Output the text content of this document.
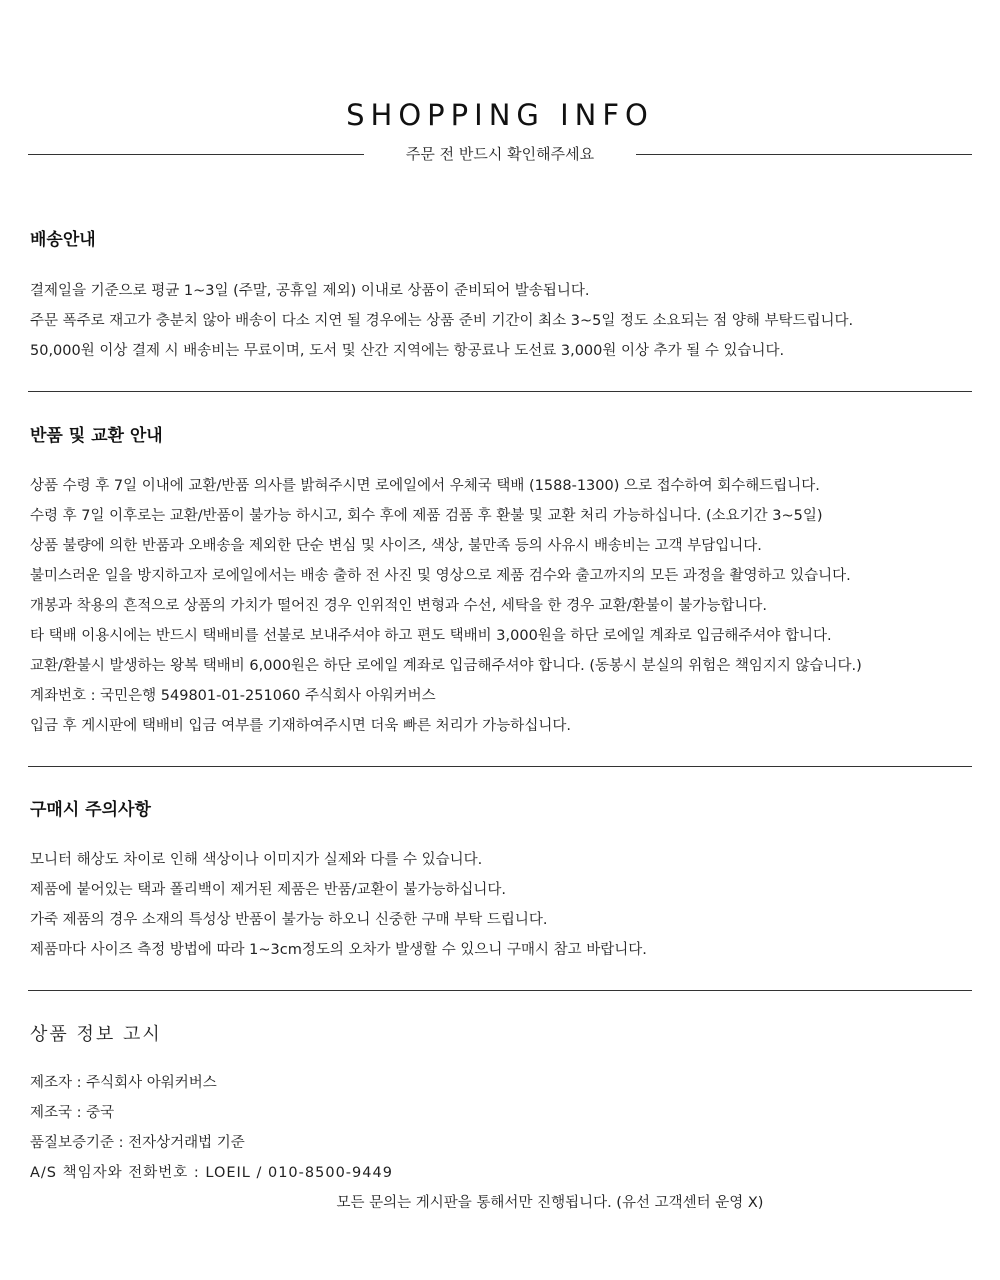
SHOPPING INFO
주문 전 반드시 확인해주세요
배송안내

결제일을 기준으로 평균 1~3일 (주말, 공휴일 제외) 이내로 상품이 준비되어 발송됩니다.

주문 폭주로 재고가 충분치 않아 배송이 다소 지연 될 경우에는 상품 준비 기간이 최소 3~5일 정도 소요되는 점 양해 부탁드립니다.

50,000원 이상 결제 시 배송비는 무료이며, 도서 및 산간 지역에는 항공료나 도선료 3,000원 이상 추가 될 수 있습니다.

반품 및 교환 안내

상품 수령 후 7일 이내에 교환/반품 의사를 밝혀주시면 로에일에서 우체국 택배 (1588-1300) 으로 접수하여 회수해드립니다.

수령 후 7일 이후로는 교환/반품이 불가능 하시고, 회수 후에 제품 검품 후 환불 및 교환 처리 가능하십니다. (소요기간 3~5일)

상품 불량에 의한 반품과 오배송을 제외한 단순 변심 및 사이즈, 색상, 불만족 등의 사유시 배송비는 고객 부담입니다.

불미스러운 일을 방지하고자 로에일에서는 배송 출하 전 사진 및 영상으로 제품 검수와 출고까지의 모든 과정을 촬영하고 있습니다.

개봉과 착용의 흔적으로 상품의 가치가 떨어진 경우 인위적인 변형과 수선, 세탁을 한 경우 교환/환불이 불가능합니다.

타 택배 이용시에는 반드시 택배비를 선불로 보내주셔야 하고 편도 택배비 3,000원을 하단 로에일 계좌로 입금해주셔야 합니다.

교환/환불시 발생하는 왕복 택배비 6,000원은 하단 로에일 계좌로 입금해주셔야 합니다. (동봉시 분실의 위험은 책임지지 않습니다.)

계좌번호 : 국민은행 549801-01-251060 주식회사 아워커버스

입금 후 게시판에 택배비 입금 여부를 기재하여주시면 더욱 빠른 처리가 가능하십니다.

구매시 주의사항

모니터 해상도 차이로 인해 색상이나 이미지가 실제와 다를 수 있습니다.

제품에 붙어있는 택과 폴리백이 제거된 제품은 반품/교환이 불가능하십니다.

가죽 제품의 경우 소재의 특성상 반품이 불가능 하오니 신중한 구매 부탁 드립니다.

제품마다 사이즈 측정 방법에 따라 1~3cm정도의 오차가 발생할 수 있으니 구매시 참고 바랍니다.

상품 정보 고시
제조자 : 주식회사 아워커버스
제조국 : 중국
품질보증기준 : 전자상거래법 기준
A/S 책임자와 전화번호 : LOEIL / 010-8500-9449
모든 문의는 게시판을 통해서만 진행됩니다. (유선 고객센터 운영 X)
